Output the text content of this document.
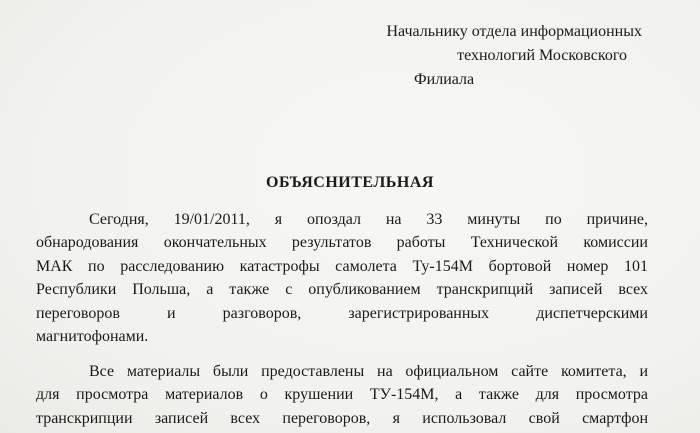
Начальнику отдела информационных
технологий Московского
Филиала
ОБЪЯСНИТЕЛЬНАЯ
Сегодня, 19/01/2011, я опоздал на 33 минуты по причине,
обнародования окончательных результатов работы Технической комиссии
МАК по расследованию катастрофы самолета Ту-154М бортовой номер 101
Республики Польша, а также с опубликованием транскрипций записей всех
переговоров и разговоров, зарегистрированных диспетчерскими
магнитофонами.
Все материалы были предоставлены на официальном сайте комитета, и
для просмотра материалов о крушении ТУ-154М, а также для просмотра
транскрипции записей всех переговоров, я использовал свой смартфон
